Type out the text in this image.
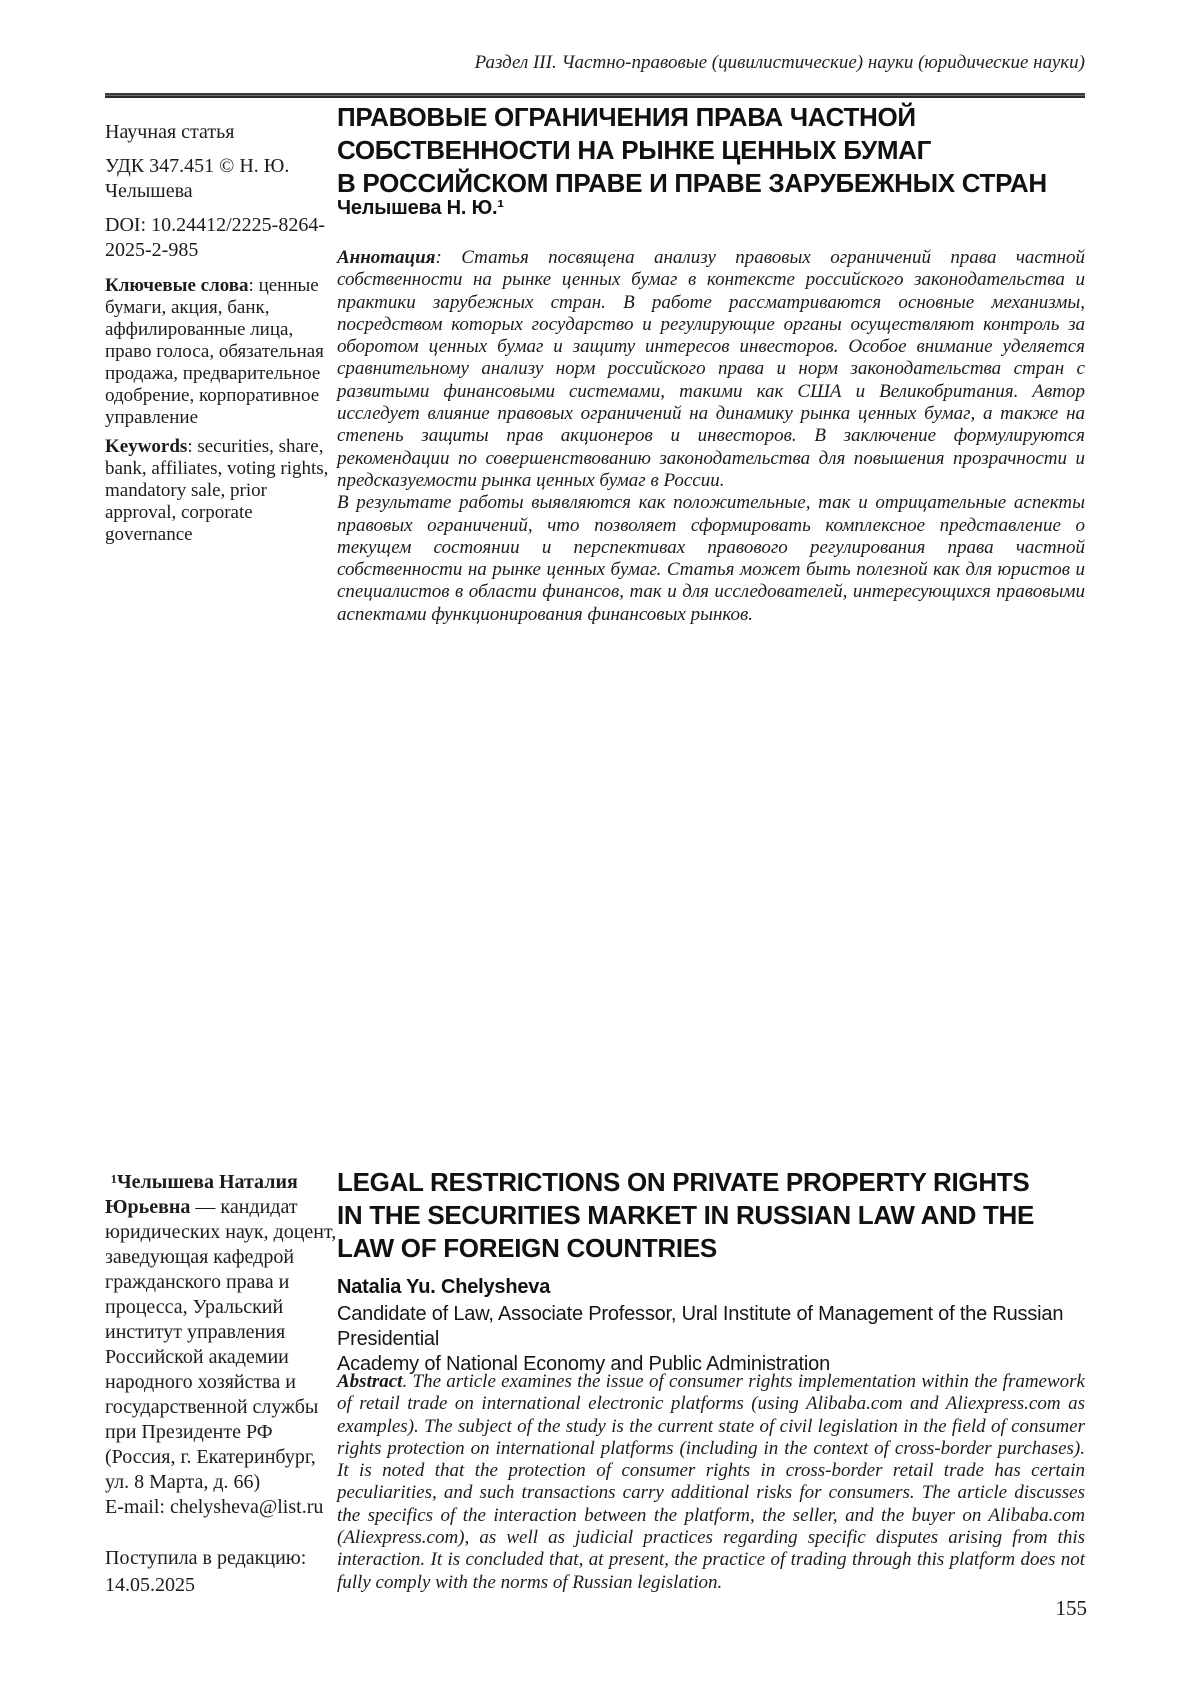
Раздел III. Частно-правовые (цивилистические) науки (юридические науки)

Научная статья

УДК 347.451 © Н. Ю. Челышева

DOI: 10.24412/2225-8264-2025-2-985

Ключевые слова: ценные бумаги, акция, банк, аффилированные лица, право голоса, обязательная продажа, предварительное одобрение, корпоративное управление

Keywords: securities, share, bank, affiliates, voting rights, mandatory sale, prior approval, corporate governance

¹Челышева Наталия Юрьевна — кандидат юридических наук, доцент, заведующая кафедрой гражданского права и процесса, Уральский институт управления Российской академии народного хозяйства и государственной службы при Президенте РФ (Россия, г. Екатеринбург, ул. 8 Марта, д. 66)

E-mail: chelysheva@list.ru

Поступила в редакцию:
14.05.2025
ПРАВОВЫЕ ОГРАНИЧЕНИЯ ПРАВА ЧАСТНОЙ
СОБСТВЕННОСТИ НА РЫНКЕ ЦЕННЫХ БУМАГ
В РОССИЙСКОМ ПРАВЕ И ПРАВЕ ЗАРУБЕЖНЫХ СТРАН

Челышева Н. Ю.¹

Аннотация: Статья посвящена анализу правовых ограничений права частной собственности на рынке ценных бумаг в контексте российского законодательства и практики зарубежных стран. В работе рассматриваются основные механизмы, посредством которых государство и регулирующие органы осуществляют контроль за оборотом ценных бумаг и защиту интересов инвесторов. Особое внимание уделяется сравнительному анализу норм российского права и норм законодательства стран с развитыми финансовыми системами, такими как США и Великобритания. Автор исследует влияние правовых ограничений на динамику рынка ценных бумаг, а также на степень защиты прав акционеров и инвесторов. В заключение формулируются рекомендации по совершенствованию законодательства для повышения прозрачности и предсказуемости рынка ценных бумаг в России.

В результате работы выявляются как положительные, так и отрицательные аспекты правовых ограничений, что позволяет сформировать комплексное представление о текущем состоянии и перспективах правового регулирования права частной собственности на рынке ценных бумаг. Статья может быть полезной как для юристов и специалистов в области финансов, так и для исследователей, интересующихся правовыми аспектами функционирования финансовых рынков.

LEGAL RESTRICTIONS ON PRIVATE PROPERTY RIGHTS
IN THE SECURITIES MARKET IN RUSSIAN LAW AND THE
LAW OF FOREIGN COUNTRIES

Natalia Yu. Chelysheva

Candidate of Law, Associate Professor, Ural Institute of Management of the Russian Presidential
Academy of National Economy and Public Administration

Abstract. The article examines the issue of consumer rights implementation within the framework of retail trade on international electronic platforms (using Alibaba.com and Aliexpress.com as examples). The subject of the study is the current state of civil legislation in the field of consumer rights protection on international platforms (including in the context of cross-border purchases). It is noted that the protection of consumer rights in cross-border retail trade has certain peculiarities, and such transactions carry additional risks for consumers. The article discusses the specifics of the interaction between the platform, the seller, and the buyer on Alibaba.com (Aliexpress.com), as well as judicial practices regarding specific disputes arising from this interaction. It is concluded that, at present, the practice of trading through this platform does not fully comply with the norms of Russian legislation.

155
